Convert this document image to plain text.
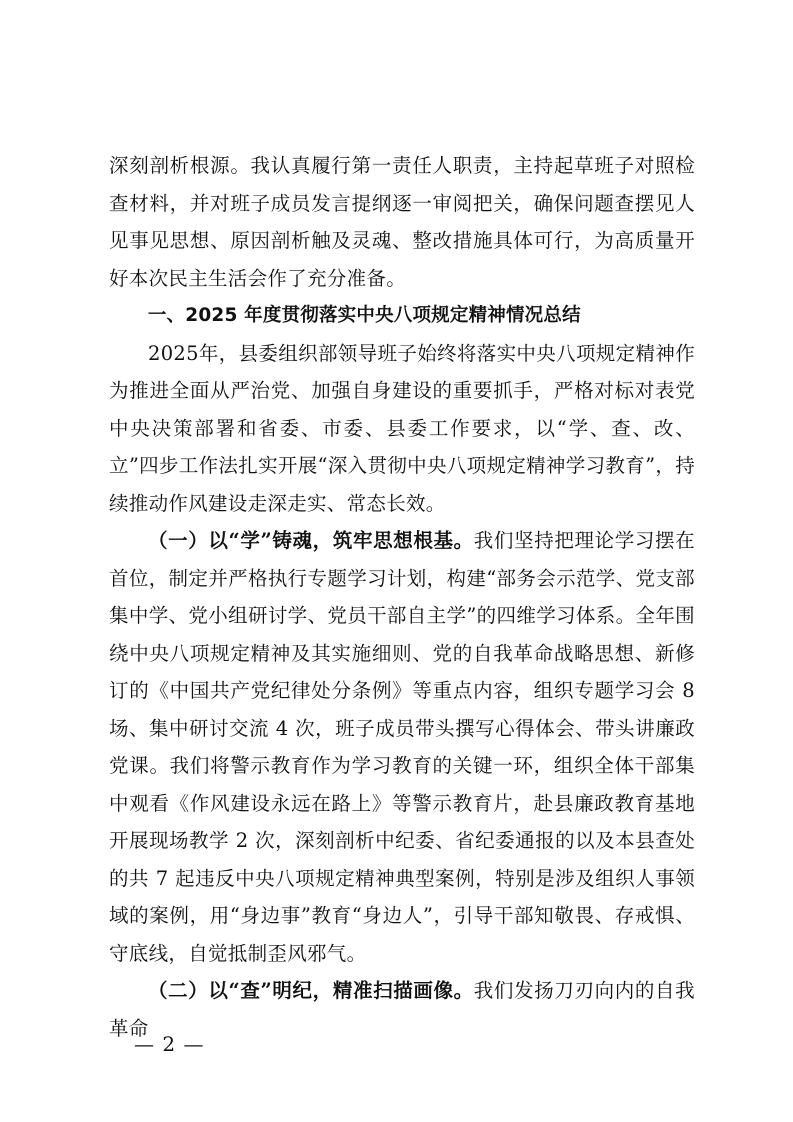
深刻剖析根源。我认真履行第一责任人职责，主持起草班子对照检查材料，并对班子成员发言提纲逐一审阅把关，确保问题查摆见人见事见思想、原因剖析触及灵魂、整改措施具体可行，为高质量开好本次民主生活会作了充分准备。

一、2025 年度贯彻落实中央八项规定精神情况总结

2025年，县委组织部领导班子始终将落实中央八项规定精神作为推进全面从严治党、加强自身建设的重要抓手，严格对标对表党中央决策部署和省委、市委、县委工作要求，以“学、查、改、立”四步工作法扎实开展“深入贯彻中央八项规定精神学习教育”，持续推动作风建设走深走实、常态长效。

（一）以“学”铸魂，筑牢思想根基。我们坚持把理论学习摆在首位，制定并严格执行专题学习计划，构建“部务会示范学、党支部集中学、党小组研讨学、党员干部自主学”的四维学习体系。全年围绕中央八项规定精神及其实施细则、党的自我革命战略思想、新修订的《中国共产党纪律处分条例》等重点内容，组织专题学习会 8 场、集中研讨交流 4 次，班子成员带头撰写心得体会、带头讲廉政党课。我们将警示教育作为学习教育的关键一环，组织全体干部集中观看《作风建设永远在路上》等警示教育片，赴县廉政教育基地开展现场教学 2 次，深刻剖析中纪委、省纪委通报的以及本县查处的共 7 起违反中央八项规定精神典型案例，特别是涉及组织人事领域的案例，用“身边事”教育“身边人”，引导干部知敬畏、存戒惧、守底线，自觉抵制歪风邪气。

（二）以“查”明纪，精准扫描画像。我们发扬刀刃向内的自我革命

— 2 —
